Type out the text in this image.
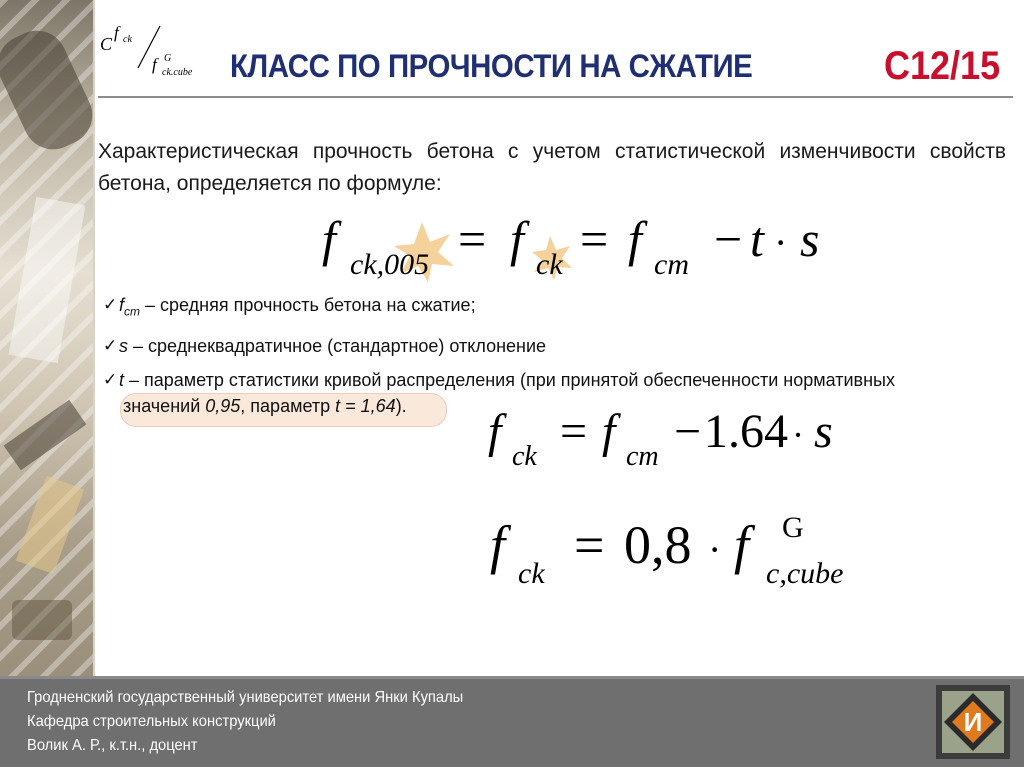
C
f ck
f G
ck.cube КЛАСС ПО ПРОЧНОСТИ НА СЖАТИЕ	C12/15
Характеристическая прочность бетона с учетом статистической изменчивости свойств бетона, определяется по формуле:
f ck,005 = f ck = f cm − t · s
✓ $f_{cm}$ – средняя прочность бетона на сжатие;
✓ s – среднеквадратичное (стандартное) отклонение
✓ t – параметр статистики кривой распределения (при принятой обеспеченности нормативных
значений 0,95, параметр t = 1,64). f ck = f cm − 1.64 · s
f ck = 0,8 · f G
c,cube
Гродненский государственный университет имени Янки Купалы
Кафедра строительных конструкций
Волик А. Р., к.т.н., доцент
И
